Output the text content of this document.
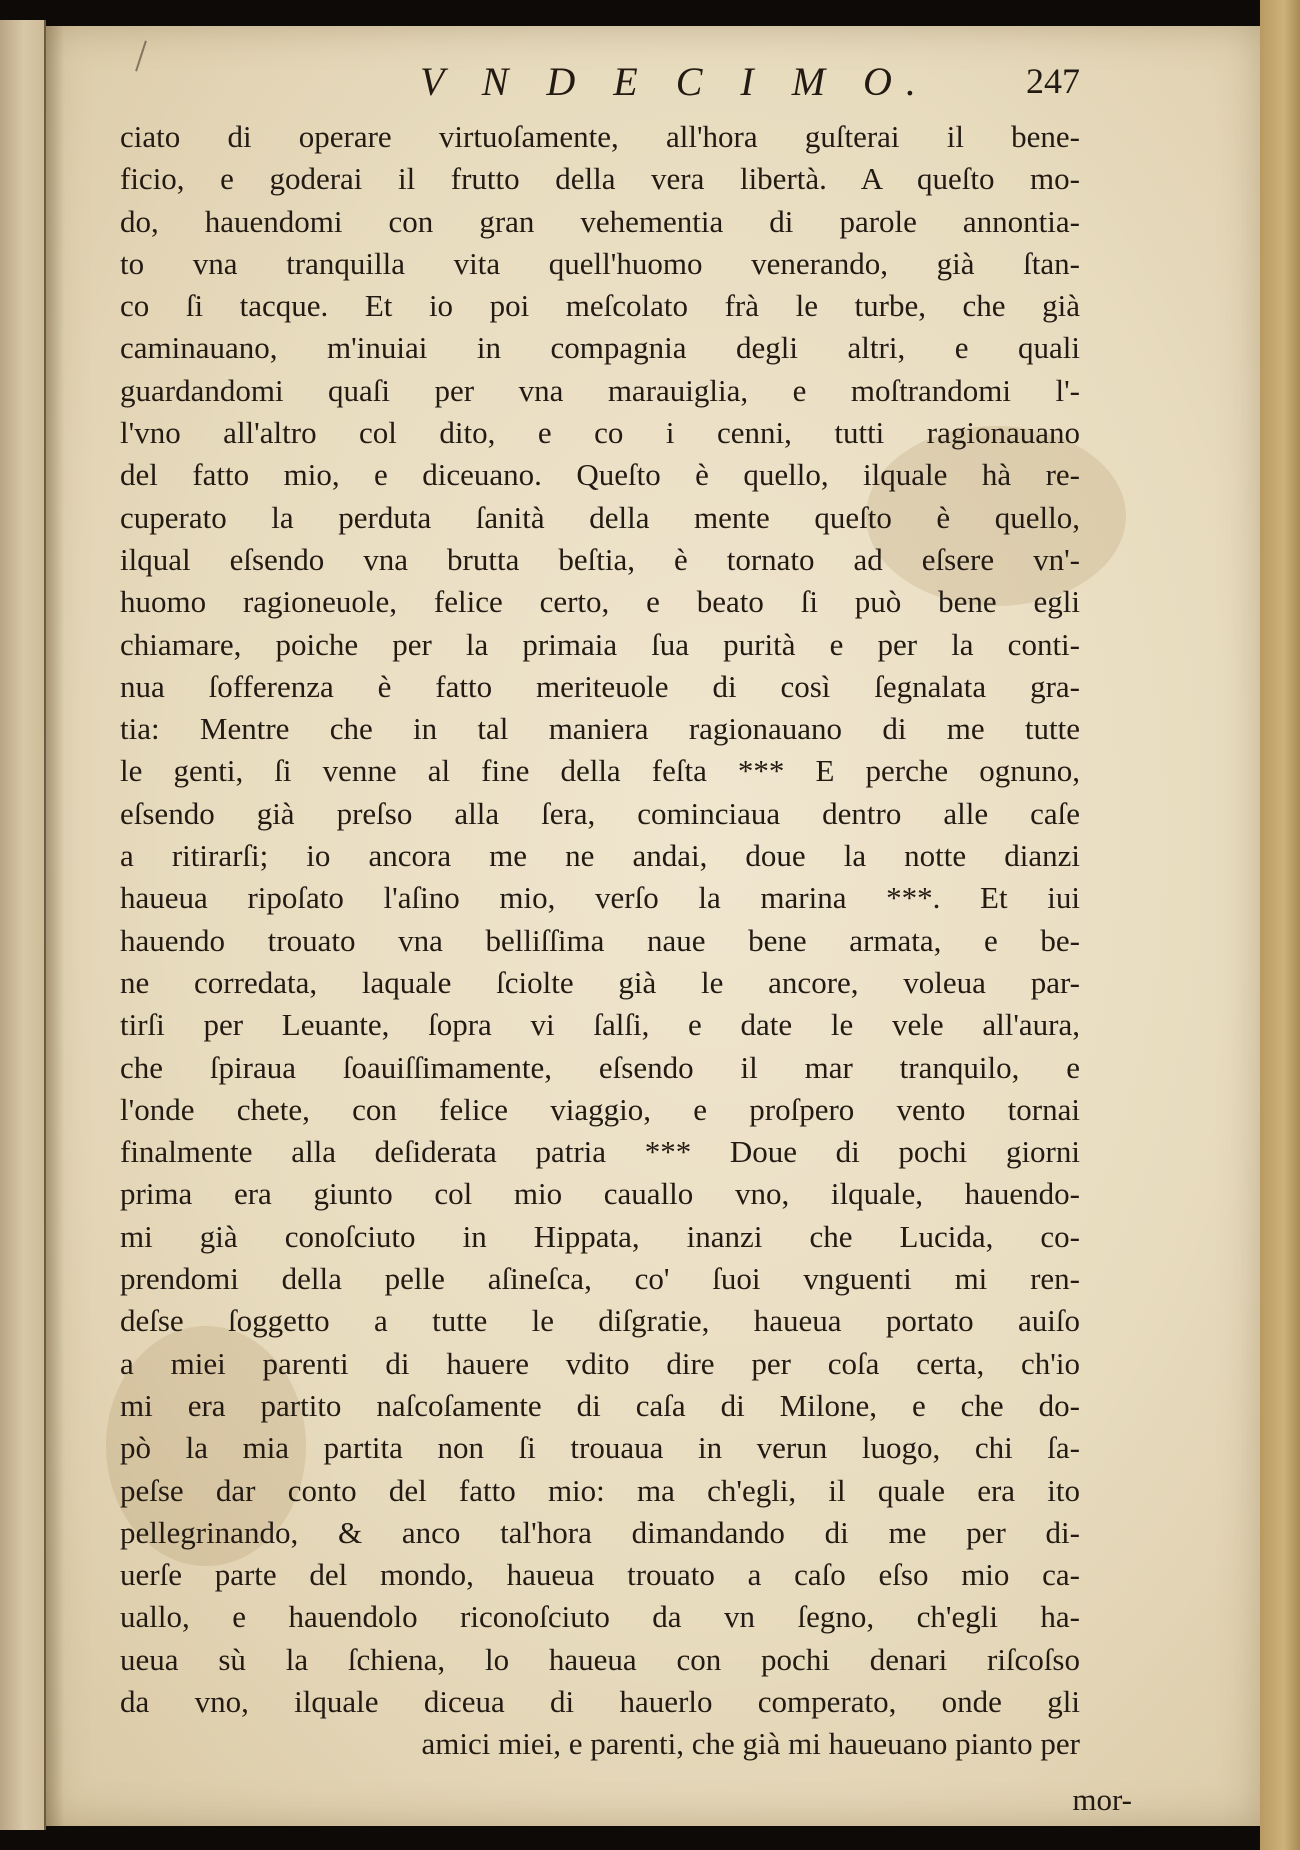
V N D E C I M O.	247
ciato di operare virtuoſamente, all'hora guſterai il bene-
ficio, e goderai il frutto della vera libertà. A queſto mo-
do, hauendomi con gran vehementia di parole annontia-
to vna tranquilla vita quell'huomo venerando, già ſtan-
co ſi tacque. Et io poi meſcolato frà le turbe, che già
caminauano, m'inuiai in compagnia degli altri, e quali
guardandomi quaſi per vna marauiglia, e moſtrandomi l'-
l'vno all'altro col dito, e co i cenni, tutti ragionauano
del fatto mio, e diceuano. Queſto è quello, ilquale hà re-
cuperato la perduta ſanità della mente queſto è quello,
ilqual eſsendo vna brutta beſtia, è tornato ad eſsere vn'-
huomo ragioneuole, felice certo, e beato ſi può bene egli
chiamare, poiche per la primaia ſua purità e per la conti-
nua ſofferenza è fatto meriteuole di così ſegnalata gra-
tia: Mentre che in tal maniera ragionauano di me tutte
le genti, ſi venne al fine della feſta *** E perche ognuno,
eſsendo già preſso alla ſera, cominciaua dentro alle caſe
a ritirarſi; io ancora me ne andai, doue la notte dianzi
haueua ripoſato l'aſino mio, verſo la marina ***. Et iui
hauendo trouato vna belliſſima naue bene armata, e be-
ne corredata, laquale ſciolte già le ancore, voleua par-
tirſi per Leuante, ſopra vi ſalſi, e date le vele all'aura,
che ſpiraua ſoauiſſimamente, eſsendo il mar tranquilo, e
l'onde chete, con felice viaggio, e proſpero vento tornai
finalmente alla deſiderata patria *** Doue di pochi giorni
prima era giunto col mio cauallo vno, ilquale, hauendo-
mi già conoſciuto in Hippata, inanzi che Lucida, co-
prendomi della pelle aſineſca, co' ſuoi vnguenti mi ren-
deſse ſoggetto a tutte le diſgratie, haueua portato auiſo
a miei parenti di hauere vdito dire per coſa certa, ch'io
mi era partito naſcoſamente di caſa di Milone, e che do-
pò la mia partita non ſi trouaua in verun luogo, chi ſa-
peſse dar conto del fatto mio: ma ch'egli, il quale era ito
pellegrinando, & anco tal'hora dimandando di me per di-
uerſe parte del mondo, haueua trouato a caſo eſso mio ca-
uallo, e hauendolo riconoſciuto da vn ſegno, ch'egli ha-
ueua sù la ſchiena, lo haueua con pochi denari riſcoſso
da vno, ilquale diceua di hauerlo comperato, onde gli
amici miei, e parenti, che già mi haueuano pianto per
mor-
